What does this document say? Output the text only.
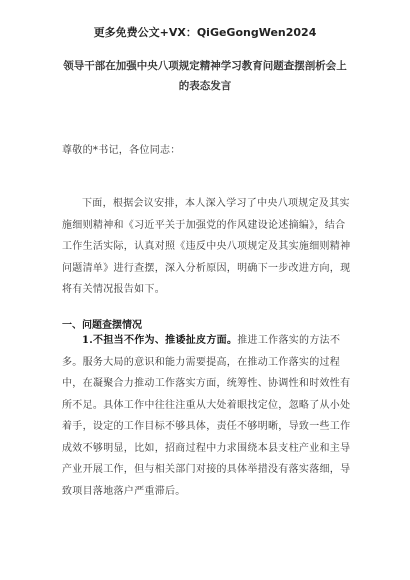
更多免费公文+VX：QiGeGongWen2024
领导干部在加强中央八项规定精神学习教育问题查摆剖析会上的表态发言
尊敬的*书记，各位同志：
下面，根据会议安排，本人深入学习了中央八项规定及其实施细则精神和《习近平关于加强党的作风建设论述摘编》，结合工作生活实际，认真对照《违反中央八项规定及其实施细则精神问题清单》进行查摆，深入分析原因，明确下一步改进方向，现将有关情况报告如下。
一、问题查摆情况
1.不担当不作为、推诿扯皮方面。推进工作落实的方法不多。服务大局的意识和能力需要提高，在推动工作落实的过程中，在凝聚合力推动工作落实方面，统筹性、协调性和时效性有所不足。具体工作中往往注重从大处着眼找定位，忽略了从小处着手，设定的工作目标不够具体，责任不够明晰，导致一些工作成效不够明显，比如，招商过程中力求围绕本县支柱产业和主导产业开展工作，但与相关部门对接的具体举措没有落实落细，导致项目落地落户严重滞后。
